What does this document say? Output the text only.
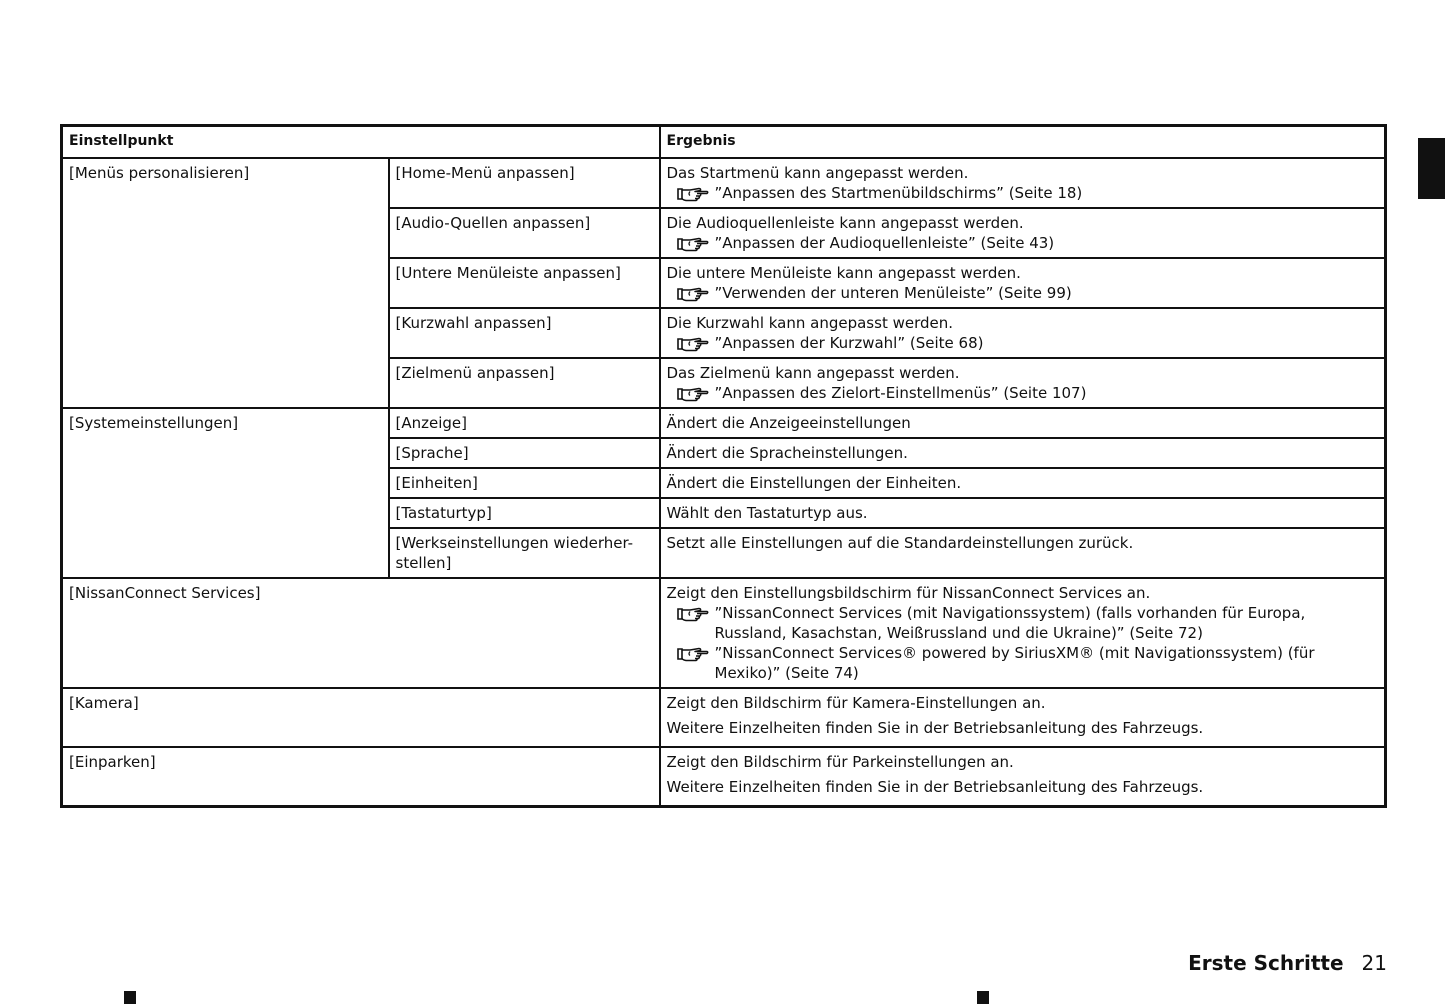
Einstellpunkt		Ergebnis
[Menüs personalisieren]	[Home-Menü anpassen]	Das Startmenü kann angepasst werden.
”Anpassen des Startmenübildschirms” (Seite 18)

	[Audio-Quellen anpassen]	Die Audioquellenleiste kann angepasst werden.
”Anpassen der Audioquellenleiste” (Seite 43)

	[Untere Menüleiste anpassen]	Die untere Menüleiste kann angepasst werden.
”Verwenden der unteren Menüleiste” (Seite 99)

	[Kurzwahl anpassen]	Die Kurzwahl kann angepasst werden.
”Anpassen der Kurzwahl” (Seite 68)

	[Zielmenü anpassen]	Das Zielmenü kann angepasst werden.
”Anpassen des Zielort-Einstellmenüs” (Seite 107)

[Systemeinstellungen]	[Anzeige]	Ändert die Anzeigeeinstellungen
	[Sprache]	Ändert die Spracheinstellungen.
	[Einheiten]	Ändert die Einstellungen der Einheiten.
	[Tastaturtyp]	Wählt den Tastaturtyp aus.
	[Werkseinstellungen wiederher-
stellen]	Setzt alle Einstellungen auf die Standardeinstellungen zurück.
[NissanConnect Services]		Zeigt den Einstellungsbildschirm für NissanConnect Services an.
”NissanConnect Services (mit Navigationssystem) (falls vorhanden für Europa, Russland, Kasachstan, Weißrussland und die Ukraine)” (Seite 72)
”NissanConnect Services® powered by SiriusXM® (mit Navigationssystem) (für Mexiko)” (Seite 74)

[Kamera]		Zeigt den Bildschirm für Kamera-Einstellungen an.
Weitere Einzelheiten finden Sie in der Betriebsanleitung des Fahrzeugs.

[Einparken]		Zeigt den Bildschirm für Parkeinstellungen an.
Weitere Einzelheiten finden Sie in der Betriebsanleitung des Fahrzeugs.
Erste Schritte 21
